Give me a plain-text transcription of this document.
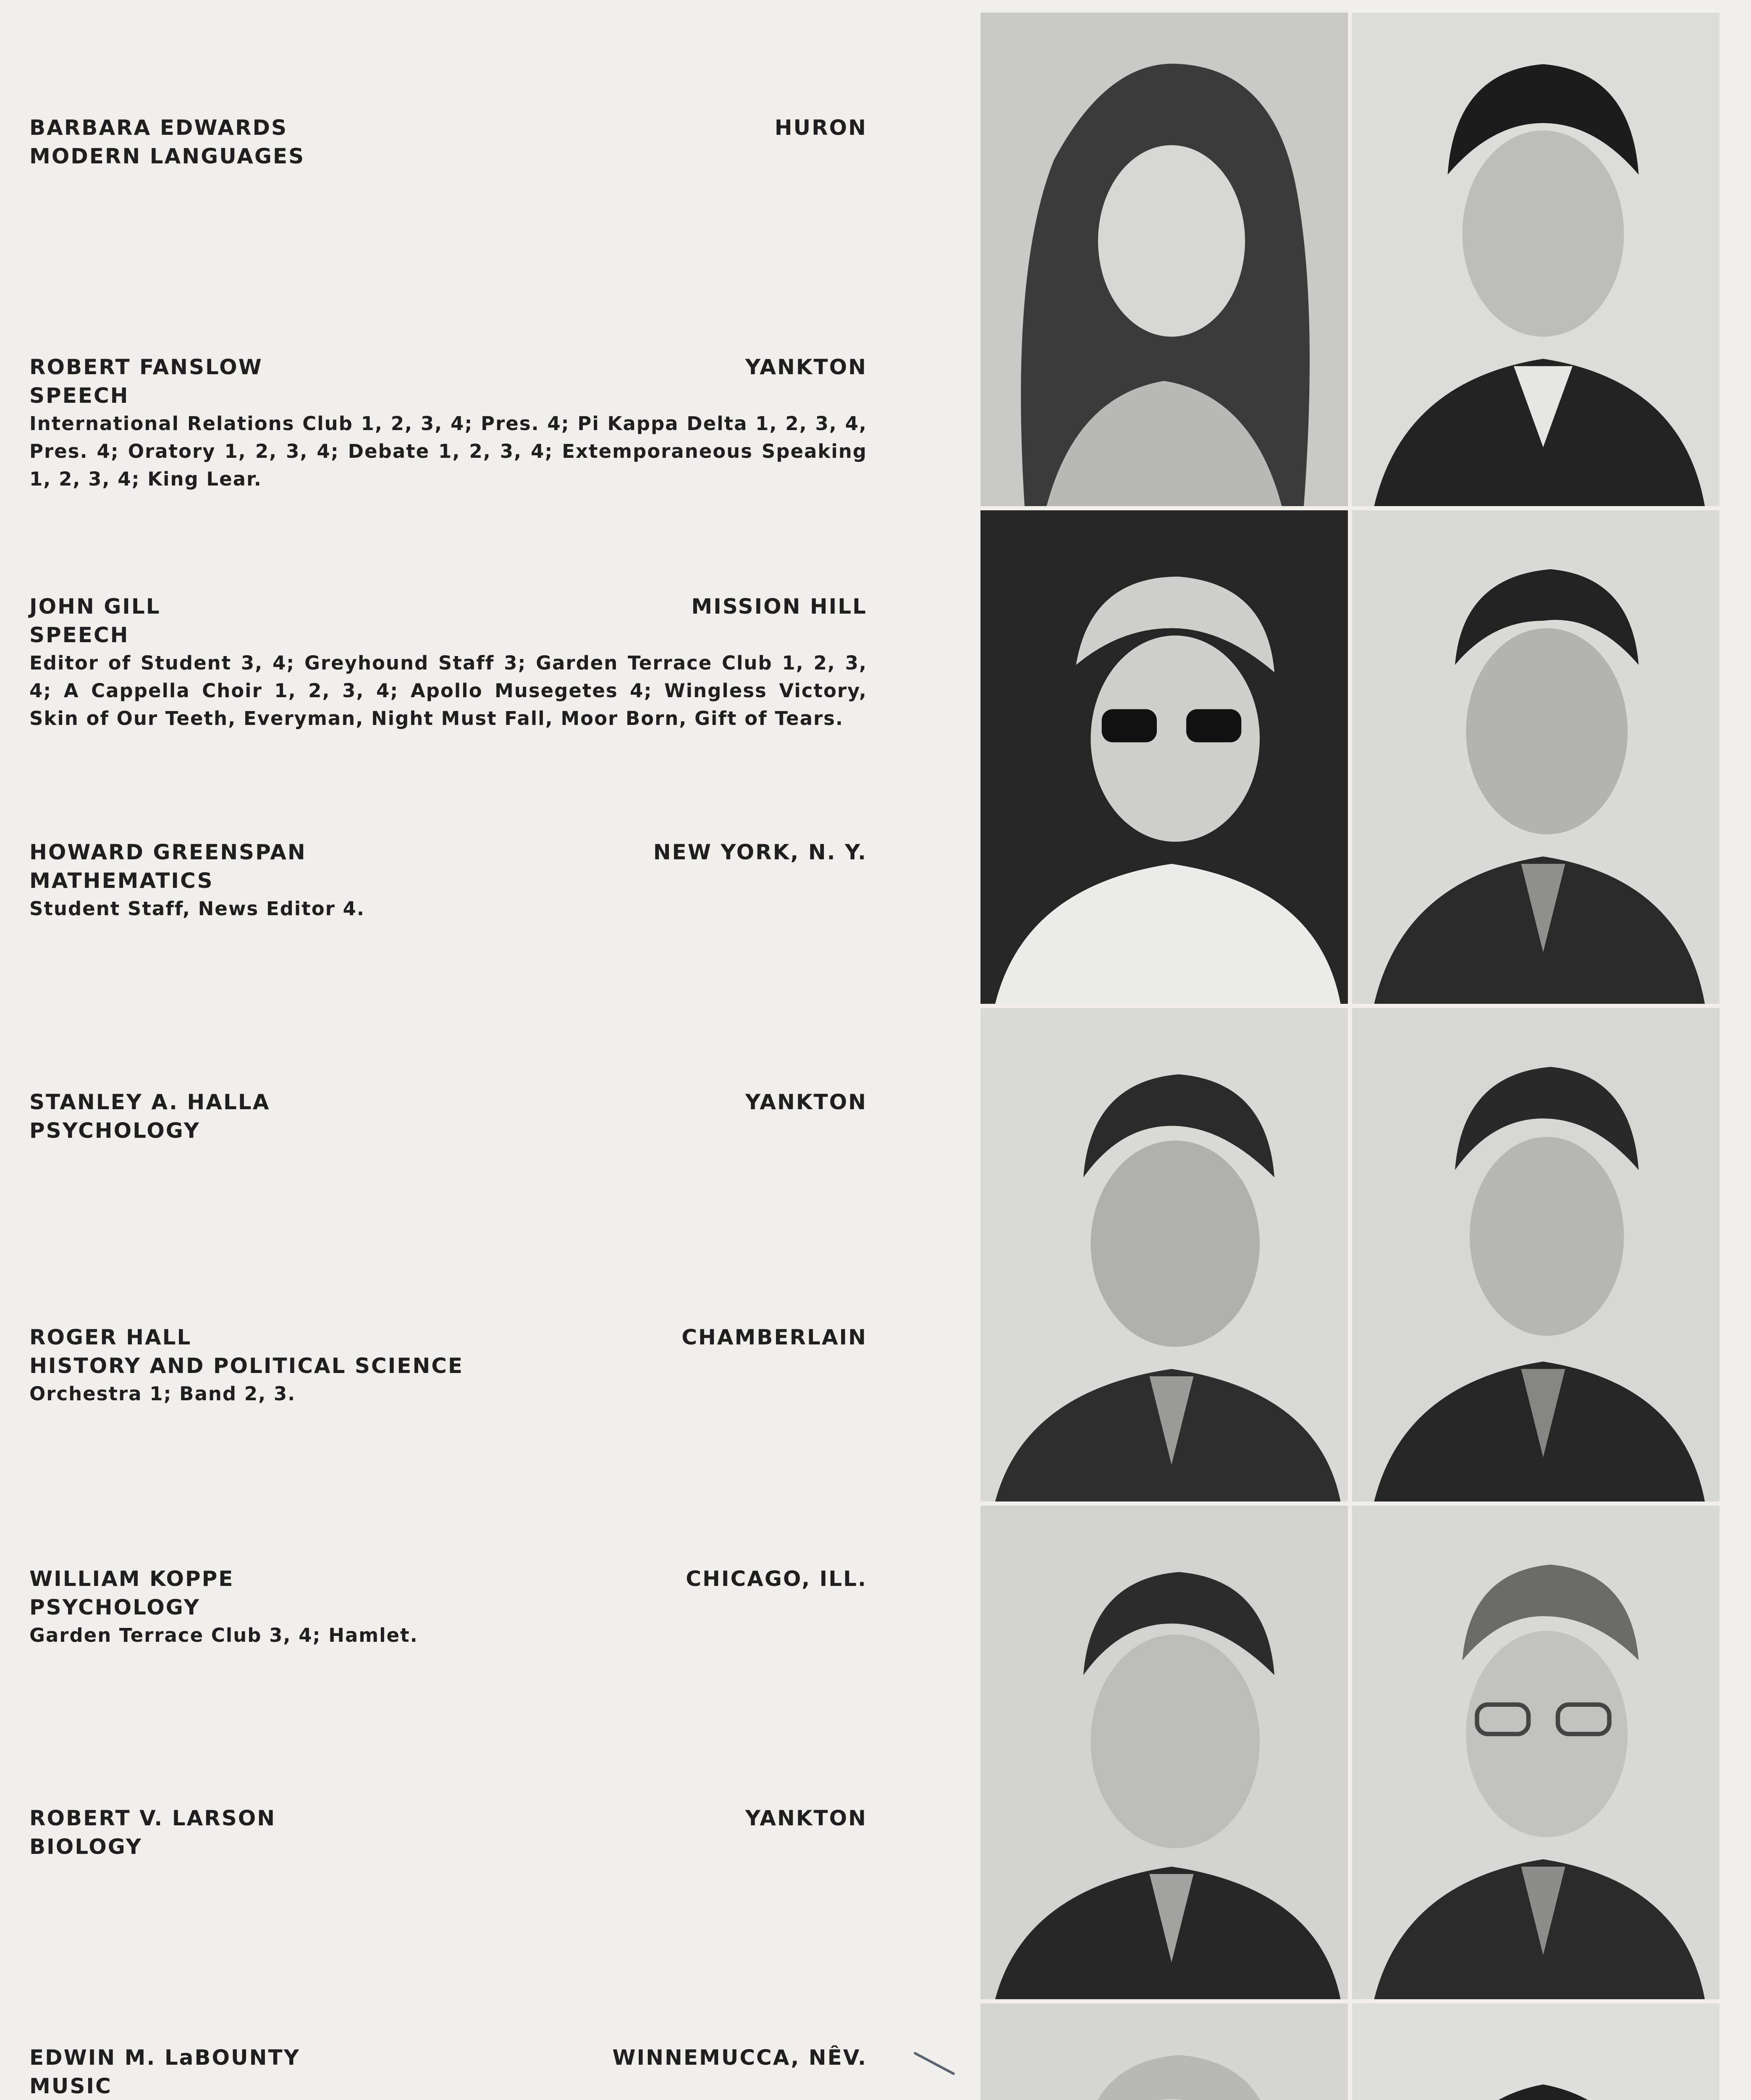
BARBARA EDWARDS	HURON
MODERN LANGUAGES
ROBERT FANSLOW	YANKTON
SPEECH
International Relations Club 1, 2, 3, 4; Pres. 4; Pi Kappa Delta 1, 2, 3, 4, Pres. 4; Oratory 1, 2, 3, 4; Debate 1, 2, 3, 4; Extemporaneous Speaking 1, 2, 3, 4; King Lear.
JOHN GILL	MISSION HILL
SPEECH
Editor of Student 3, 4; Greyhound Staff 3; Garden Terrace Club 1, 2, 3, 4; A Cappella Choir 1, 2, 3, 4; Apollo Musegetes 4; Wingless Victory, Skin of Our Teeth, Everyman, Night Must Fall, Moor Born, Gift of Tears.
HOWARD GREENSPAN	NEW YORK, N. Y.
MATHEMATICS
Student Staff, News Editor 4.
STANLEY A. HALLA	YANKTON
PSYCHOLOGY
ROGER HALL	CHAMBERLAIN
HISTORY AND POLITICAL SCIENCE
Orchestra 1; Band 2, 3.
WILLIAM KOPPE	CHICAGO, ILL.
PSYCHOLOGY
Garden Terrace Club 3, 4; Hamlet.
ROBERT V. LARSON	YANKTON
BIOLOGY
EDWIN M. LaBOUNTY	WINNEMUCCA, NÊV.
MUSIC
